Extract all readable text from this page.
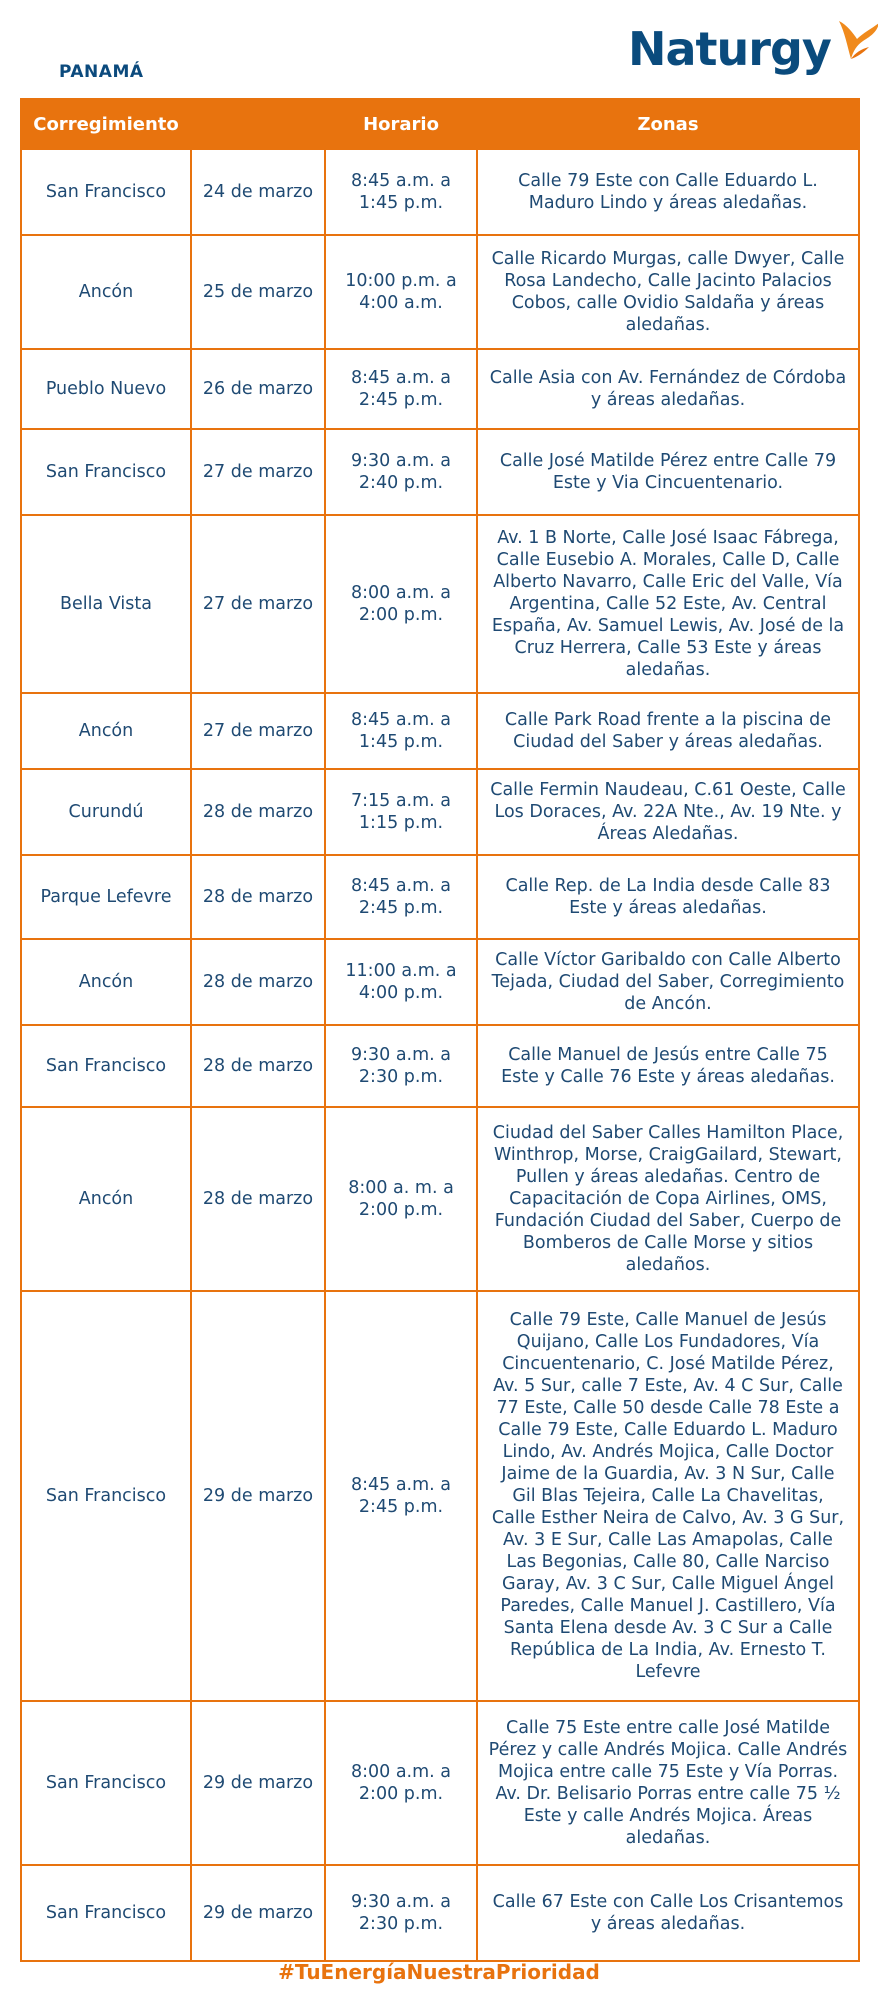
PANAMÁ	Naturgy
Corregimiento		Horario	Zonas
San Francisco	24 de marzo	8:45 a.m. a 1:45 p.m.	Calle 79 Este con Calle Eduardo L. Maduro Lindo y áreas aledañas.
Ancón	25 de marzo	10:00 p.m. a 4:00 a.m.	Calle Ricardo Murgas, calle Dwyer, Calle Rosa Landecho, Calle Jacinto Palacios Cobos, calle Ovidio Saldaña y áreas aledañas.
Pueblo Nuevo	26 de marzo	8:45 a.m. a 2:45 p.m.	Calle Asia con Av. Fernández de Córdoba y áreas aledañas.
San Francisco	27 de marzo	9:30 a.m. a 2:40 p.m.	Calle José Matilde Pérez entre Calle 79 Este y Via Cincuentenario.
Bella Vista	27 de marzo	8:00 a.m. a 2:00 p.m.	Av. 1 B Norte, Calle José Isaac Fábrega, Calle Eusebio A. Morales, Calle D, Calle Alberto Navarro, Calle Eric del Valle, Vía Argentina, Calle 52 Este, Av. Central España, Av. Samuel Lewis, Av. José de la Cruz Herrera, Calle 53 Este y áreas aledañas.
Ancón	27 de marzo	8:45 a.m. a 1:45 p.m.	Calle Park Road frente a la piscina de Ciudad del Saber y áreas aledañas.
Curundú	28 de marzo	7:15 a.m. a 1:15 p.m.	Calle Fermin Naudeau, C.61 Oeste, Calle Los Doraces, Av. 22A Nte., Av. 19 Nte. y Áreas Aledañas.
Parque Lefevre	28 de marzo	8:45 a.m. a 2:45 p.m.	Calle Rep. de La India desde Calle 83 Este y áreas aledañas.
Ancón	28 de marzo	11:00 a.m. a 4:00 p.m.	Calle Víctor Garibaldo con Calle Alberto Tejada, Ciudad del Saber, Corregimiento de Ancón.
San Francisco	28 de marzo	9:30 a.m. a 2:30 p.m.	Calle Manuel de Jesús entre Calle 75 Este y Calle 76 Este y áreas aledañas.
Ancón	28 de marzo	8:00 a. m. a 2:00 p.m.	Ciudad del Saber Calles Hamilton Place, Winthrop, Morse, CraigGailard, Stewart, Pullen y áreas aledañas. Centro de Capacitación de Copa Airlines, OMS, Fundación Ciudad del Saber, Cuerpo de Bomberos de Calle Morse y sitios aledaños.
San Francisco	29 de marzo	8:45 a.m. a 2:45 p.m.	Calle 79 Este, Calle Manuel de Jesús Quijano, Calle Los Fundadores, Vía Cincuentenario, C. José Matilde Pérez, Av. 5 Sur, calle 7 Este, Av. 4 C Sur, Calle 77 Este, Calle 50 desde Calle 78 Este a Calle 79 Este, Calle Eduardo L. Maduro Lindo, Av. Andrés Mojica, Calle Doctor Jaime de la Guardia, Av. 3 N Sur, Calle Gil Blas Tejeira, Calle La Chavelitas, Calle Esther Neira de Calvo, Av. 3 G Sur, Av. 3 E Sur, Calle Las Amapolas, Calle Las Begonias, Calle 80, Calle Narciso Garay, Av. 3 C Sur, Calle Miguel Ángel Paredes, Calle Manuel J. Castillero, Vía Santa Elena desde Av. 3 C Sur a Calle República de La India, Av. Ernesto T. Lefevre
San Francisco	29 de marzo	8:00 a.m. a 2:00 p.m.	Calle 75 Este entre calle José Matilde Pérez y calle Andrés Mojica. Calle Andrés Mojica entre calle 75 Este y Vía Porras. Av. Dr. Belisario Porras entre calle 75 ½ Este y calle Andrés Mojica. Áreas aledañas.
San Francisco	29 de marzo	9:30 a.m. a 2:30 p.m.	Calle 67 Este con Calle Los Crisantemos y áreas aledañas.
#TuEnergíaNuestraPrioridad
